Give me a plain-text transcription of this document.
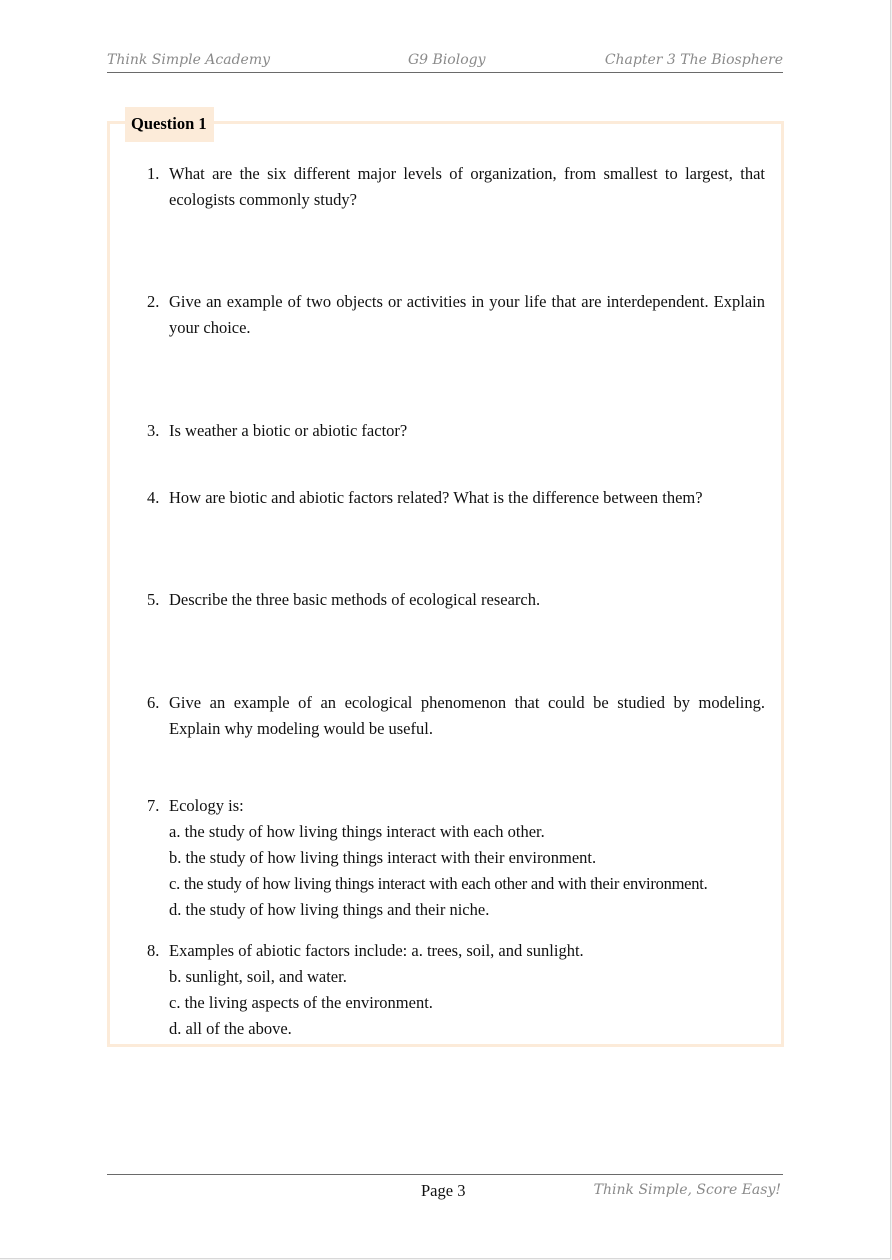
Think Simple Academy	G9 Biology	Chapter 3 The Biosphere
Question 1
1. What are the six different major levels of organization, from smallest to largest, that ecologists commonly study?
2. Give an example of two objects or activities in your life that are interdependent. Explain your choice.
3. Is weather a biotic or abiotic factor?
4. How are biotic and abiotic factors related? What is the difference between them?
5. Describe the three basic methods of ecological research.
6. Give an example of an ecological phenomenon that could be studied by modeling. Explain why modeling would be useful.
7. Ecology is:
a. the study of how living things interact with each other.
b. the study of how living things interact with their environment.
c. the study of how living things interact with each other and with their environment.
d. the study of how living things and their niche.
8. Examples of abiotic factors include: a. trees, soil, and sunlight.
b. sunlight, soil, and water.
c. the living aspects of the environment.
d. all of the above.
Page 3	Think Simple, Score Easy!
